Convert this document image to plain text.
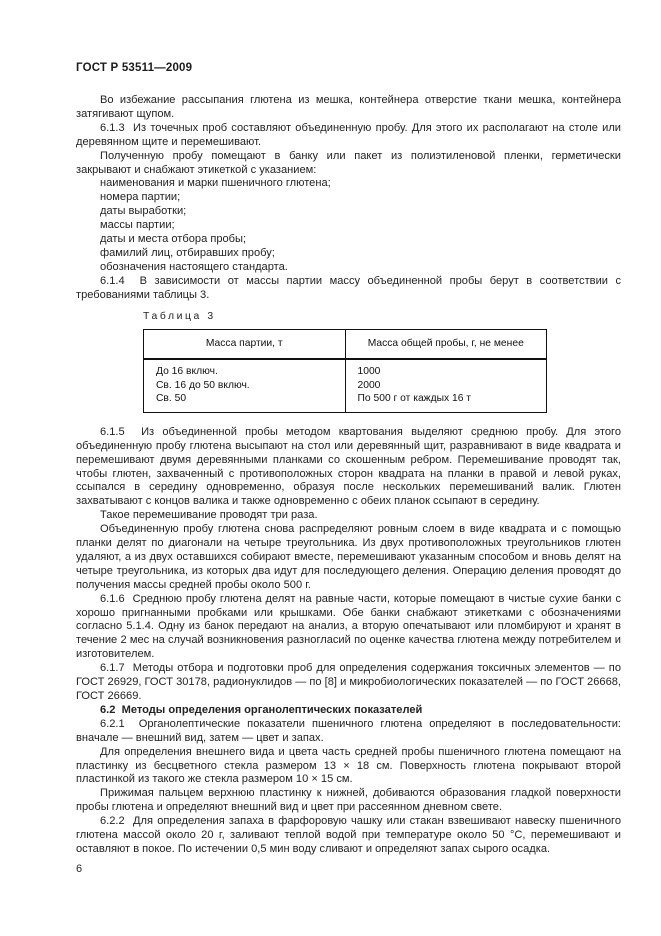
ГОСТ Р 53511—2009

Во избежание рассыпания глютена из мешка, контейнера отверстие ткани мешка, контейнера затягивают щупом.

6.1.3  Из точечных проб составляют объединенную пробу. Для этого их располагают на столе или деревянном щите и перемешивают.

Полученную пробу помещают в банку или пакет из полиэтиленовой пленки, герметически закрывают и снабжают этикеткой с указанием:

наименования и марки пшеничного глютена;

номера партии;

даты выработки;

массы партии;

даты и места отбора пробы;

фамилий лиц, отбиравших пробу;

обозначения настоящего стандарта.

6.1.4  В зависимости от массы партии массу объединенной пробы берут в соответствии с требованиями таблицы 3.

Таблица 3
Масса партии, т	Масса общей пробы, г, не менее
До 16 включ.	1000
Св. 16 до 50 включ.	2000
Св. 50	По 500 г от каждых 16 т

6.1.5  Из объединенной пробы методом квартования выделяют среднюю пробу. Для этого объединенную пробу глютена высыпают на стол или деревянный щит, разравнивают в виде квадрата и перемешивают двумя деревянными планками со скошенным ребром. Перемешивание проводят так, чтобы глютен, захваченный с противоположных сторон квадрата на планки в правой и левой руках, ссыпался в середину одновременно, образуя после нескольких перемешиваний валик. Глютен захватывают с концов валика и также одновременно с обеих планок ссыпают в середину.

Такое перемешивание проводят три раза.

Объединенную пробу глютена снова распределяют ровным слоем в виде квадрата и с помощью планки делят по диагонали на четыре треугольника. Из двух противоположных треугольников глютен удаляют, а из двух оставшихся собирают вместе, перемешивают указанным способом и вновь делят на четыре треугольника, из которых два идут для последующего деления. Операцию деления проводят до получения массы средней пробы около 500 г.

6.1.6  Среднюю пробу глютена делят на равные части, которые помещают в чистые сухие банки с хорошо пригнанными пробками или крышками. Обе банки снабжают этикетками с обозначениями согласно 5.1.4. Одну из банок передают на анализ, а вторую опечатывают или пломбируют и хранят в течение 2 мес на случай возникновения разногласий по оценке качества глютена между потребителем и изготовителем.

6.1.7  Методы отбора и подготовки проб для определения содержания токсичных элементов — по ГОСТ 26929, ГОСТ 30178, радионуклидов — по [8] и микробиологических показателей — по ГОСТ 26668, ГОСТ 26669.

6.2  Методы определения органолептических показателей

6.2.1  Органолептические показатели пшеничного глютена определяют в последовательности: вначале — внешний вид, затем — цвет и запах.

Для определения внешнего вида и цвета часть средней пробы пшеничного глютена помещают на пластинку из бесцветного стекла размером 13 × 18 см. Поверхность глютена покрывают второй пластинкой из такого же стекла размером 10 × 15 см.

Прижимая пальцем верхнюю пластинку к нижней, добиваются образования гладкой поверхности пробы глютена и определяют внешний вид и цвет при рассеянном дневном свете.

6.2.2  Для определения запаха в фарфоровую чашку или стакан взвешивают навеску пшеничного глютена массой около 20 г, заливают теплой водой при температуре около 50 °С, перемешивают и оставляют в покое. По истечении 0,5 мин воду сливают и определяют запах сырого осадка.

6
